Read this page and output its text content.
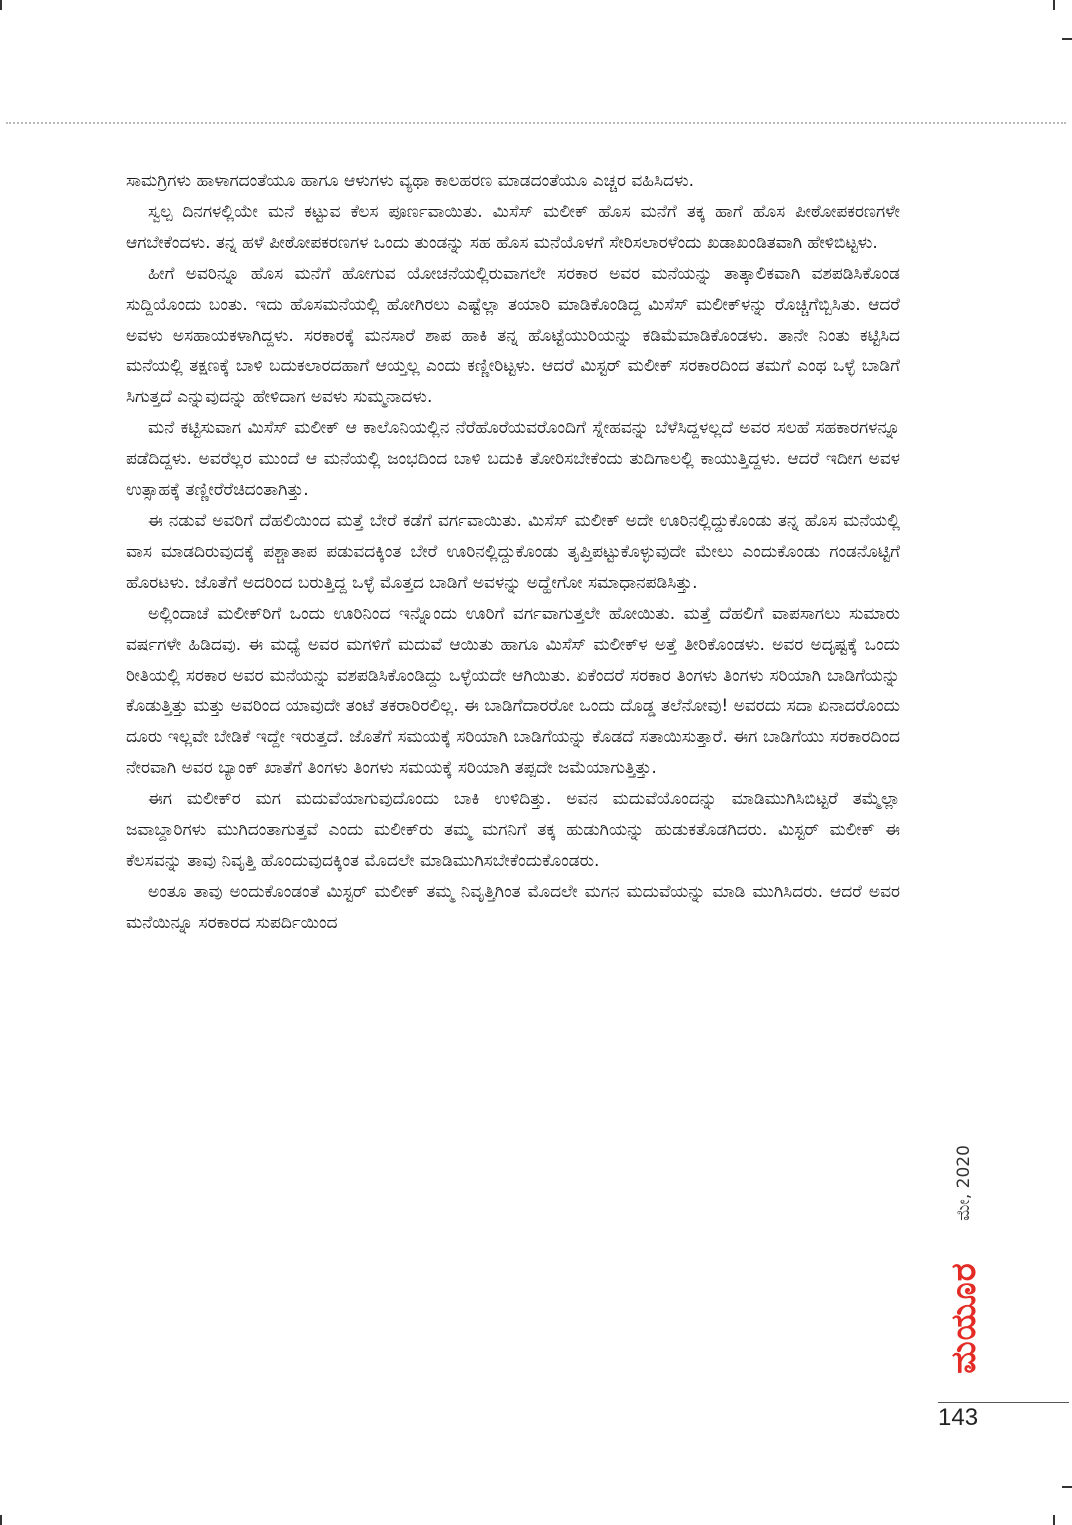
ಸಾಮಗ್ರಿಗಳು ಹಾಳಾಗದಂತೆಯೂ ಹಾಗೂ ಆಳುಗಳು ವ್ಯಥಾ ಕಾಲಹರಣ ಮಾಡದಂತೆಯೂ ಎಚ್ಚರ ವಹಿಸಿದಳು.

ಸ್ವಲ್ಪ ದಿನಗಳಲ್ಲಿಯೇ ಮನೆ ಕಟ್ಟುವ ಕೆಲಸ ಪೂರ್ಣವಾಯಿತು. ಮಿಸೆಸ್ ಮಲೀಕ್ ಹೊಸ ಮನೆಗೆ ತಕ್ಕ ಹಾಗೆ ಹೊಸ ಪೀಠೋಪಕರಣಗಳೇ ಆಗಬೇಕೆಂದಳು. ತನ್ನ ಹಳೆ ಪೀಠೋಪಕರಣಗಳ ಒಂದು ತುಂಡನ್ನು ಸಹ ಹೊಸ ಮನೆಯೊಳಗೆ ಸೇರಿಸಲಾರಳೆಂದು ಖಡಾಖಂಡಿತವಾಗಿ ಹೇಳಿಬಿಟ್ಟಳು.

ಹೀಗೆ ಅವರಿನ್ನೂ ಹೊಸ ಮನೆಗೆ ಹೋಗುವ ಯೋಚನೆಯಲ್ಲಿರುವಾಗಲೇ ಸರಕಾರ ಅವರ ಮನೆಯನ್ನು ತಾತ್ಕಾಲಿಕವಾಗಿ ವಶಪಡಿಸಿಕೊಂಡ ಸುದ್ದಿಯೊಂದು ಬಂತು. ಇದು ಹೊಸಮನೆಯಲ್ಲಿ ಹೋಗಿರಲು ಎಷ್ಟೆಲ್ಲಾ ತಯಾರಿ ಮಾಡಿಕೊಂಡಿದ್ದ ಮಿಸೆಸ್ ಮಲೀಕ್‌ಳನ್ನು ರೊಚ್ಚಿಗೆಬ್ಬಿಸಿತು. ಆದರೆ ಅವಳು ಅಸಹಾಯಕಳಾಗಿದ್ದಳು. ಸರಕಾರಕ್ಕೆ ಮನಸಾರೆ ಶಾಪ ಹಾಕಿ ತನ್ನ ಹೊಟ್ಟೆಯುರಿಯನ್ನು ಕಡಿಮೆಮಾಡಿಕೊಂಡಳು. ತಾನೇ ನಿಂತು ಕಟ್ಟಿಸಿದ ಮನೆಯಲ್ಲಿ ತಕ್ಷಣಕ್ಕೆ ಬಾಳಿ ಬದುಕಲಾರದಹಾಗೆ ಆಯ್ತಲ್ಲ ಎಂದು ಕಣ್ಣೀರಿಟ್ಟಳು. ಆದರೆ ಮಿಸ್ಟರ್ ಮಲೀಕ್ ಸರಕಾರದಿಂದ ತಮಗೆ ಎಂಥ ಒಳ್ಳೆ ಬಾಡಿಗೆ ಸಿಗುತ್ತದೆ ಎನ್ನುವುದನ್ನು ಹೇಳಿದಾಗ ಅವಳು ಸುಮ್ಮನಾದಳು.

ಮನೆ ಕಟ್ಟಿಸುವಾಗ ಮಿಸೆಸ್ ಮಲೀಕ್ ಆ ಕಾಲೊನಿಯಲ್ಲಿನ ನೆರೆಹೊರೆಯವರೊಂದಿಗೆ ಸ್ನೇಹವನ್ನು ಬೆಳೆಸಿದ್ದಳಲ್ಲದೆ ಅವರ ಸಲಹೆ ಸಹಕಾರಗಳನ್ನೂ ಪಡೆದಿದ್ದಳು. ಅವರೆಲ್ಲರ ಮುಂದೆ ಆ ಮನೆಯಲ್ಲಿ ಜಂಭದಿಂದ ಬಾಳಿ ಬದುಕಿ ತೋರಿಸಬೇಕೆಂದು ತುದಿಗಾಲಲ್ಲಿ ಕಾಯುತ್ತಿದ್ದಳು. ಆದರೆ ಇದೀಗ ಅವಳ ಉತ್ಸಾಹಕ್ಕೆ ತಣ್ಣೀರೆರೆಚಿದಂತಾಗಿತ್ತು.

ಈ ನಡುವೆ ಅವರಿಗೆ ದೆಹಲಿಯಿಂದ ಮತ್ತೆ ಬೇರೆ ಕಡೆಗೆ ವರ್ಗವಾಯಿತು. ಮಿಸೆಸ್ ಮಲೀಕ್ ಅದೇ ಊರಿನಲ್ಲಿದ್ದುಕೊಂಡು ತನ್ನ ಹೊಸ ಮನೆಯಲ್ಲಿ ವಾಸ ಮಾಡದಿರುವುದಕ್ಕೆ ಪಶ್ಚಾತಾಪ ಪಡುವದಕ್ಕಿಂತ ಬೇರೆ ಊರಿನಲ್ಲಿದ್ದುಕೊಂಡು ತೃಪ್ತಿಪಟ್ಟುಕೊಳ್ಳುವುದೇ ಮೇಲು ಎಂದುಕೊಂಡು ಗಂಡನೊಟ್ಟಿಗೆ ಹೊರಟಳು. ಜೊತೆಗೆ ಅದರಿಂದ ಬರುತ್ತಿದ್ದ ಒಳ್ಳೆ ಮೊತ್ತದ ಬಾಡಿಗೆ ಅವಳನ್ನು ಅದ್ಹೇಗೋ ಸಮಾಧಾನಪಡಿಸಿತ್ತು.

ಅಲ್ಲಿಂದಾಚೆ ಮಲೀಕ್‌ರಿಗೆ ಒಂದು ಊರಿನಿಂದ ಇನ್ನೊಂದು ಊರಿಗೆ ವರ್ಗವಾಗುತ್ತಲೇ ಹೋಯಿತು. ಮತ್ತೆ ದೆಹಲಿಗೆ ವಾಪಸಾಗಲು ಸುಮಾರು ವರ್ಷಗಳೇ ಹಿಡಿದವು. ಈ ಮಧ್ಯೆ ಅವರ ಮಗಳಿಗೆ ಮದುವೆ ಆಯಿತು ಹಾಗೂ ಮಿಸೆಸ್ ಮಲೀಕ್‌ಳ ಅತ್ತೆ ತೀರಿಕೊಂಡಳು. ಅವರ ಅದೃಷ್ಟಕ್ಕೆ ಒಂದು ರೀತಿಯಲ್ಲಿ ಸರಕಾರ ಅವರ ಮನೆಯನ್ನು ವಶಪಡಿಸಿಕೊಂಡಿದ್ದು ಒಳ್ಳೆಯದೇ ಆಗಿಯಿತು. ಏಕೆಂದರೆ ಸರಕಾರ ತಿಂಗಳು ತಿಂಗಳು ಸರಿಯಾಗಿ ಬಾಡಿಗೆಯನ್ನು ಕೊಡುತ್ತಿತ್ತು ಮತ್ತು ಅವರಿಂದ ಯಾವುದೇ ತಂಟೆ ತಕರಾರಿರಲಿಲ್ಲ. ಈ ಬಾಡಿಗೆದಾರರೋ ಒಂದು ದೊಡ್ಡ ತಲೆನೋವು! ಅವರದು ಸದಾ ಏನಾದರೊಂದು ದೂರು ಇಲ್ಲವೇ ಬೇಡಿಕೆ ಇದ್ದೇ ಇರುತ್ತದೆ. ಜೊತೆಗೆ ಸಮಯಕ್ಕೆ ಸರಿಯಾಗಿ ಬಾಡಿಗೆಯನ್ನು ಕೊಡದೆ ಸತಾಯಿಸುತ್ತಾರೆ. ಈಗ ಬಾಡಿಗೆಯು ಸರಕಾರದಿಂದ ನೇರವಾಗಿ ಅವರ ಬ್ಯಾಂಕ್ ಖಾತೆಗೆ ತಿಂಗಳು ತಿಂಗಳು ಸಮಯಕ್ಕೆ ಸರಿಯಾಗಿ ತಪ್ಪದೇ ಜಮೆಯಾಗುತ್ತಿತ್ತು.

ಈಗ ಮಲೀಕ್‌ರ ಮಗ ಮದುವೆಯಾಗುವುದೊಂದು ಬಾಕಿ ಉಳಿದಿತ್ತು. ಅವನ ಮದುವೆಯೊಂದನ್ನು ಮಾಡಿಮುಗಿಸಿಬಿಟ್ಟರೆ ತಮ್ಮೆಲ್ಲಾ ಜವಾಬ್ದಾರಿಗಳು ಮುಗಿದಂತಾಗುತ್ತವೆ ಎಂದು ಮಲೀಕ್‌ರು ತಮ್ಮ ಮಗನಿಗೆ ತಕ್ಕ ಹುಡುಗಿಯನ್ನು ಹುಡುಕತೊಡಗಿದರು. ಮಿಸ್ಟರ್ ಮಲೀಕ್ ಈ ಕೆಲಸವನ್ನು ತಾವು ನಿವೃತ್ತಿ ಹೊಂದುವುದಕ್ಕಿಂತ ಮೊದಲೇ ಮಾಡಿಮುಗಿಸಬೇಕೆಂದುಕೊಂಡರು.

ಅಂತೂ ತಾವು ಅಂದುಕೊಂಡಂತೆ ಮಿಸ್ಟರ್ ಮಲೀಕ್ ತಮ್ಮ ನಿವೃತ್ತಿಗಿಂತ ಮೊದಲೇ ಮಗನ ಮದುವೆಯನ್ನು ಮಾಡಿ ಮುಗಿಸಿದರು. ಆದರೆ ಅವರ ಮನೆಯಿನ್ನೂ ಸರಕಾರದ ಸುಪರ್ದಿಯಿಂದ

ಮೇ, 2020
ಮಯೂರ
143
